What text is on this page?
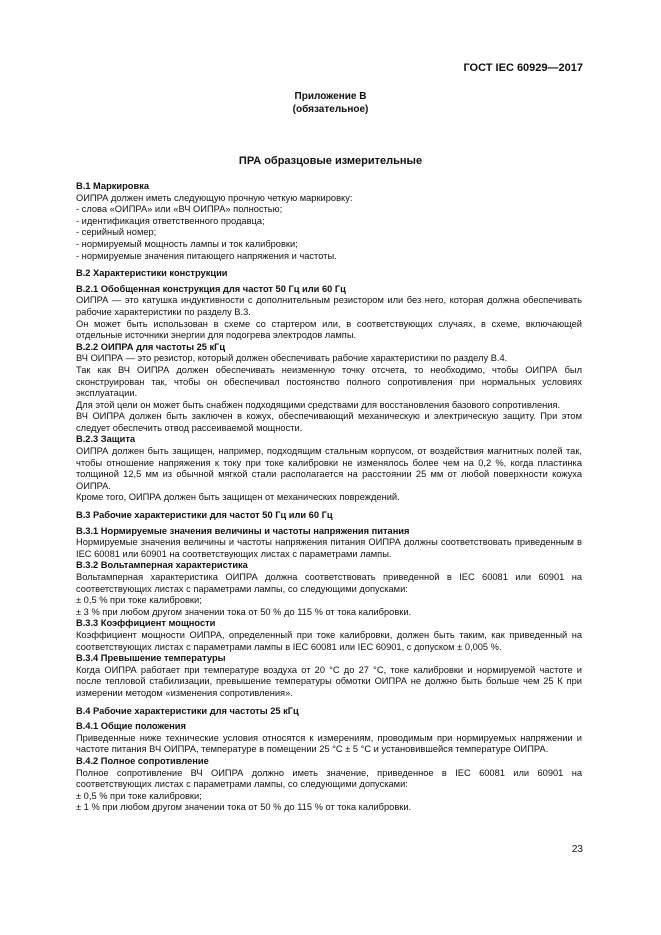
ГОСТ IEC 60929—2017
Приложение В
(обязательное)
ПРА образцовые измерительные

В.1 Маркировка

ОИПРА должен иметь следующую прочную четкую маркировку:

- слова «ОИПРА» или «ВЧ ОИПРА» полностью;

- идентификация ответственного продавца;

- серийный номер;

- нормируемый мощность лампы и ток калибровки;

- нормируемые значения питающего напряжения и частоты.

В.2 Характеристики конструкции

В.2.1 Обобщенная конструкция для частот 50 Гц или 60 Гц

ОИПРА — это катушка индуктивности с дополнительным резистором или без него, которая должна обеспечивать рабочие характеристики по разделу В.3.

Он может быть использован в схеме со стартером или, в соответствующих случаях, в схеме, включающей отдельные источники энергии для подогрева электродов лампы.

В.2.2 ОИПРА для частоты 25 кГц

ВЧ ОИПРА — это резистор, который должен обеспечивать рабочие характеристики по разделу В.4.

Так как ВЧ ОИПРА должен обеспечивать неизменную точку отсчета, то необходимо, чтобы ОИПРА был сконструирован так, чтобы он обеспечивал постоянство полного сопротивления при нормальных условиях эксплуатации.

Для этой цели он может быть снабжен подходящими средствами для восстановления базового сопротивления.

ВЧ ОИПРА должен быть заключен в кожух, обеспечивающий механическую и электрическую защиту. При этом следует обеспечить отвод рассеиваемой мощности.

В.2.3 Защита

ОИПРА должен быть защищен, например, подходящим стальным корпусом, от воздействия магнитных полей так, чтобы отношение напряжения к току при токе калибровки не изменялось более чем на 0,2 %, когда пластинка толщиной 12,5 мм из обычной мягкой стали располагается на расстоянии 25 мм от любой поверхности кожуха ОИПРА.

Кроме того, ОИПРА должен быть защищен от механических повреждений.

В.3 Рабочие характеристики для частот 50 Гц или 60 Гц

В.3.1 Нормируемые значения величины и частоты напряжения питания

Нормируемые значения величины и частоты напряжения питания ОИПРА должны соответствовать приведенным в IEC 60081 или 60901 на соответствующих листах с параметрами лампы.

В.3.2 Вольтамперная характеристика

Вольтамперная характеристика ОИПРА должна соответствовать приведенной в IEC 60081 или 60901 на соответствующих листах с параметрами лампы, со следующими допусками:

± 0,5 % при токе калибровки;

± 3 % при любом другом значении тока от 50 % до 115 % от тока калибровки.

В.3.3 Коэффициент мощности

Коэффициент мощности ОИПРА, определенный при токе калибровки, должен быть таким, как приведенный на соответствующих листах с параметрами лампы в IEC 60081 или IEC 60901, с допуском ± 0,005 %.

В.3.4 Превышение температуры

Когда ОИПРА работает при температуре воздуха от 20 °С до 27 °С, токе калибровки и нормируемой частоте и после тепловой стабилизации, превышение температуры обмотки ОИПРА не должно быть больше чем 25 К при измерении методом «изменения сопротивления».

В.4 Рабочие характеристики для частоты 25 кГц

В.4.1 Общие положения

Приведенные ниже технические условия относятся к измерениям, проводимым при нормируемых напряжении и частоте питания ВЧ ОИПРА, температуре в помещении 25 °С ± 5 °С и установившейся температуре ОИПРА.

В.4.2 Полное сопротивление

Полное сопротивление ВЧ ОИПРА должно иметь значение, приведенное в IEC 60081 или 60901 на соответствующих листах с параметрами лампы, со следующими допусками:

± 0,5 % при токе калибровки;

± 1 % при любом другом значении тока от 50 % до 115 % от тока калибровки.

23
